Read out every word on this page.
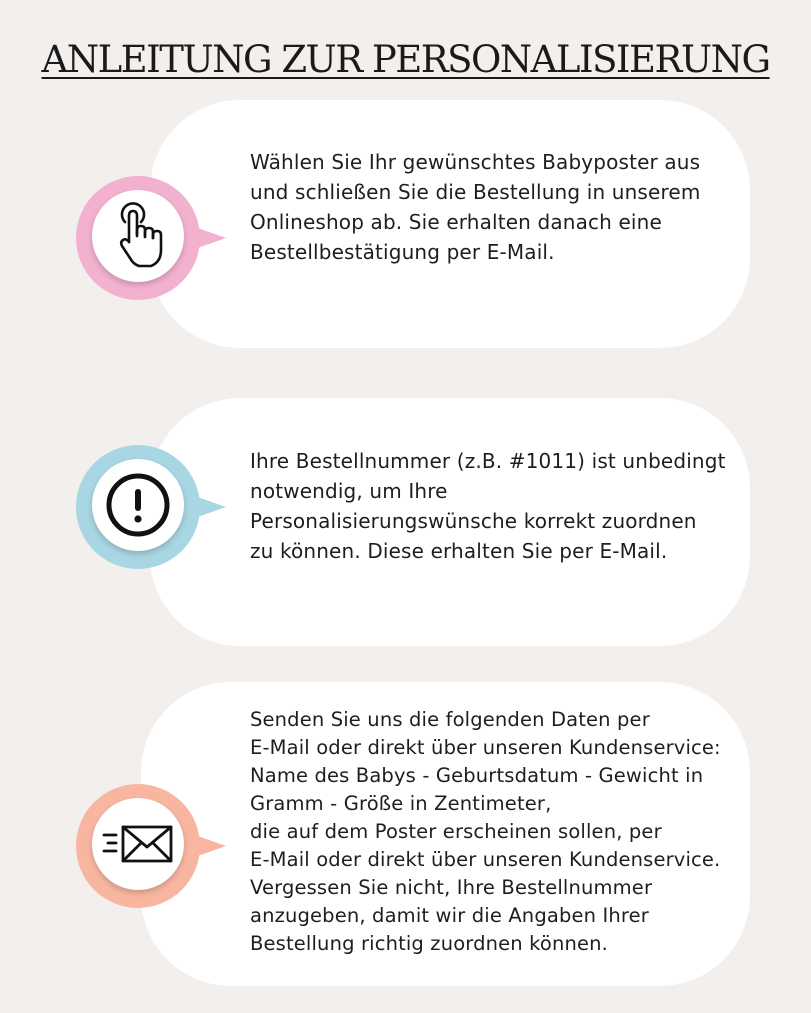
ANLEITUNG ZUR PERSONALISIERUNG

Wählen Sie Ihr gewünschtes Babyposter aus
und schließen Sie die Bestellung in unserem
Onlineshop ab. Sie erhalten danach eine
Bestellbestätigung per E-Mail.

Ihre Bestellnummer (z.B. #1011) ist unbedingt
notwendig, um Ihre
Personalisierungswünsche korrekt zuordnen
zu können. Diese erhalten Sie per E-Mail.

Senden Sie uns die folgenden Daten per
E-Mail oder direkt über unseren Kundenservice:
Name des Babys - Geburtsdatum - Gewicht in
Gramm - Größe in Zentimeter,
die auf dem Poster erscheinen sollen, per
E-Mail oder direkt über unseren Kundenservice.
Vergessen Sie nicht, Ihre Bestellnummer
anzugeben, damit wir die Angaben Ihrer
Bestellung richtig zuordnen können.
